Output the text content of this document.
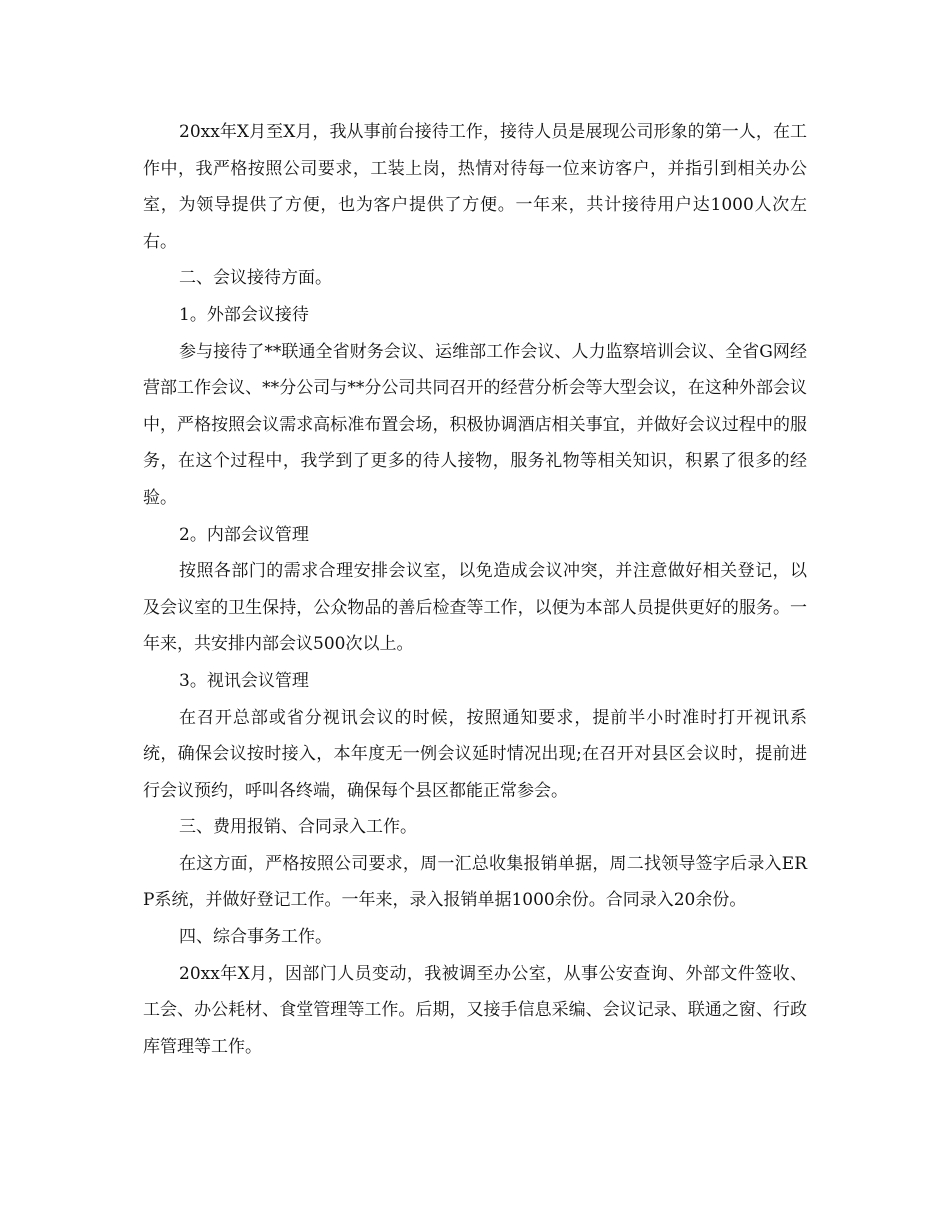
20xx年X月至X月，我从事前台接待工作，接待人员是展现公司形象的第一人，在工作中，我严格按照公司要求，工装上岗，热情对待每一位来访客户，并指引到相关办公室，为领导提供了方便，也为客户提供了方便。一年来，共计接待用户达1000人次左右。

二、会议接待方面。

1。外部会议接待

参与接待了**联通全省财务会议、运维部工作会议、人力监察培训会议、全省G网经营部工作会议、**分公司与**分公司共同召开的经营分析会等大型会议，在这种外部会议中，严格按照会议需求高标准布置会场，积极协调酒店相关事宜，并做好会议过程中的服务，在这个过程中，我学到了更多的待人接物，服务礼物等相关知识，积累了很多的经验。

2。内部会议管理

按照各部门的需求合理安排会议室，以免造成会议冲突，并注意做好相关登记，以及会议室的卫生保持，公众物品的善后检查等工作，以便为本部人员提供更好的服务。一年来，共安排内部会议500次以上。

3。视讯会议管理

在召开总部或省分视讯会议的时候，按照通知要求，提前半小时准时打开视讯系统，确保会议按时接入，本年度无一例会议延时情况出现;在召开对县区会议时，提前进行会议预约，呼叫各终端，确保每个县区都能正常参会。

三、费用报销、合同录入工作。

在这方面，严格按照公司要求，周一汇总收集报销单据，周二找领导签字后录入ERP系统，并做好登记工作。一年来，录入报销单据1000余份。合同录入20余份。

四、综合事务工作。

20xx年X月，因部门人员变动，我被调至办公室，从事公安查询、外部文件签收、工会、办公耗材、食堂管理等工作。后期，又接手信息采编、会议记录、联通之窗、行政库管理等工作。
